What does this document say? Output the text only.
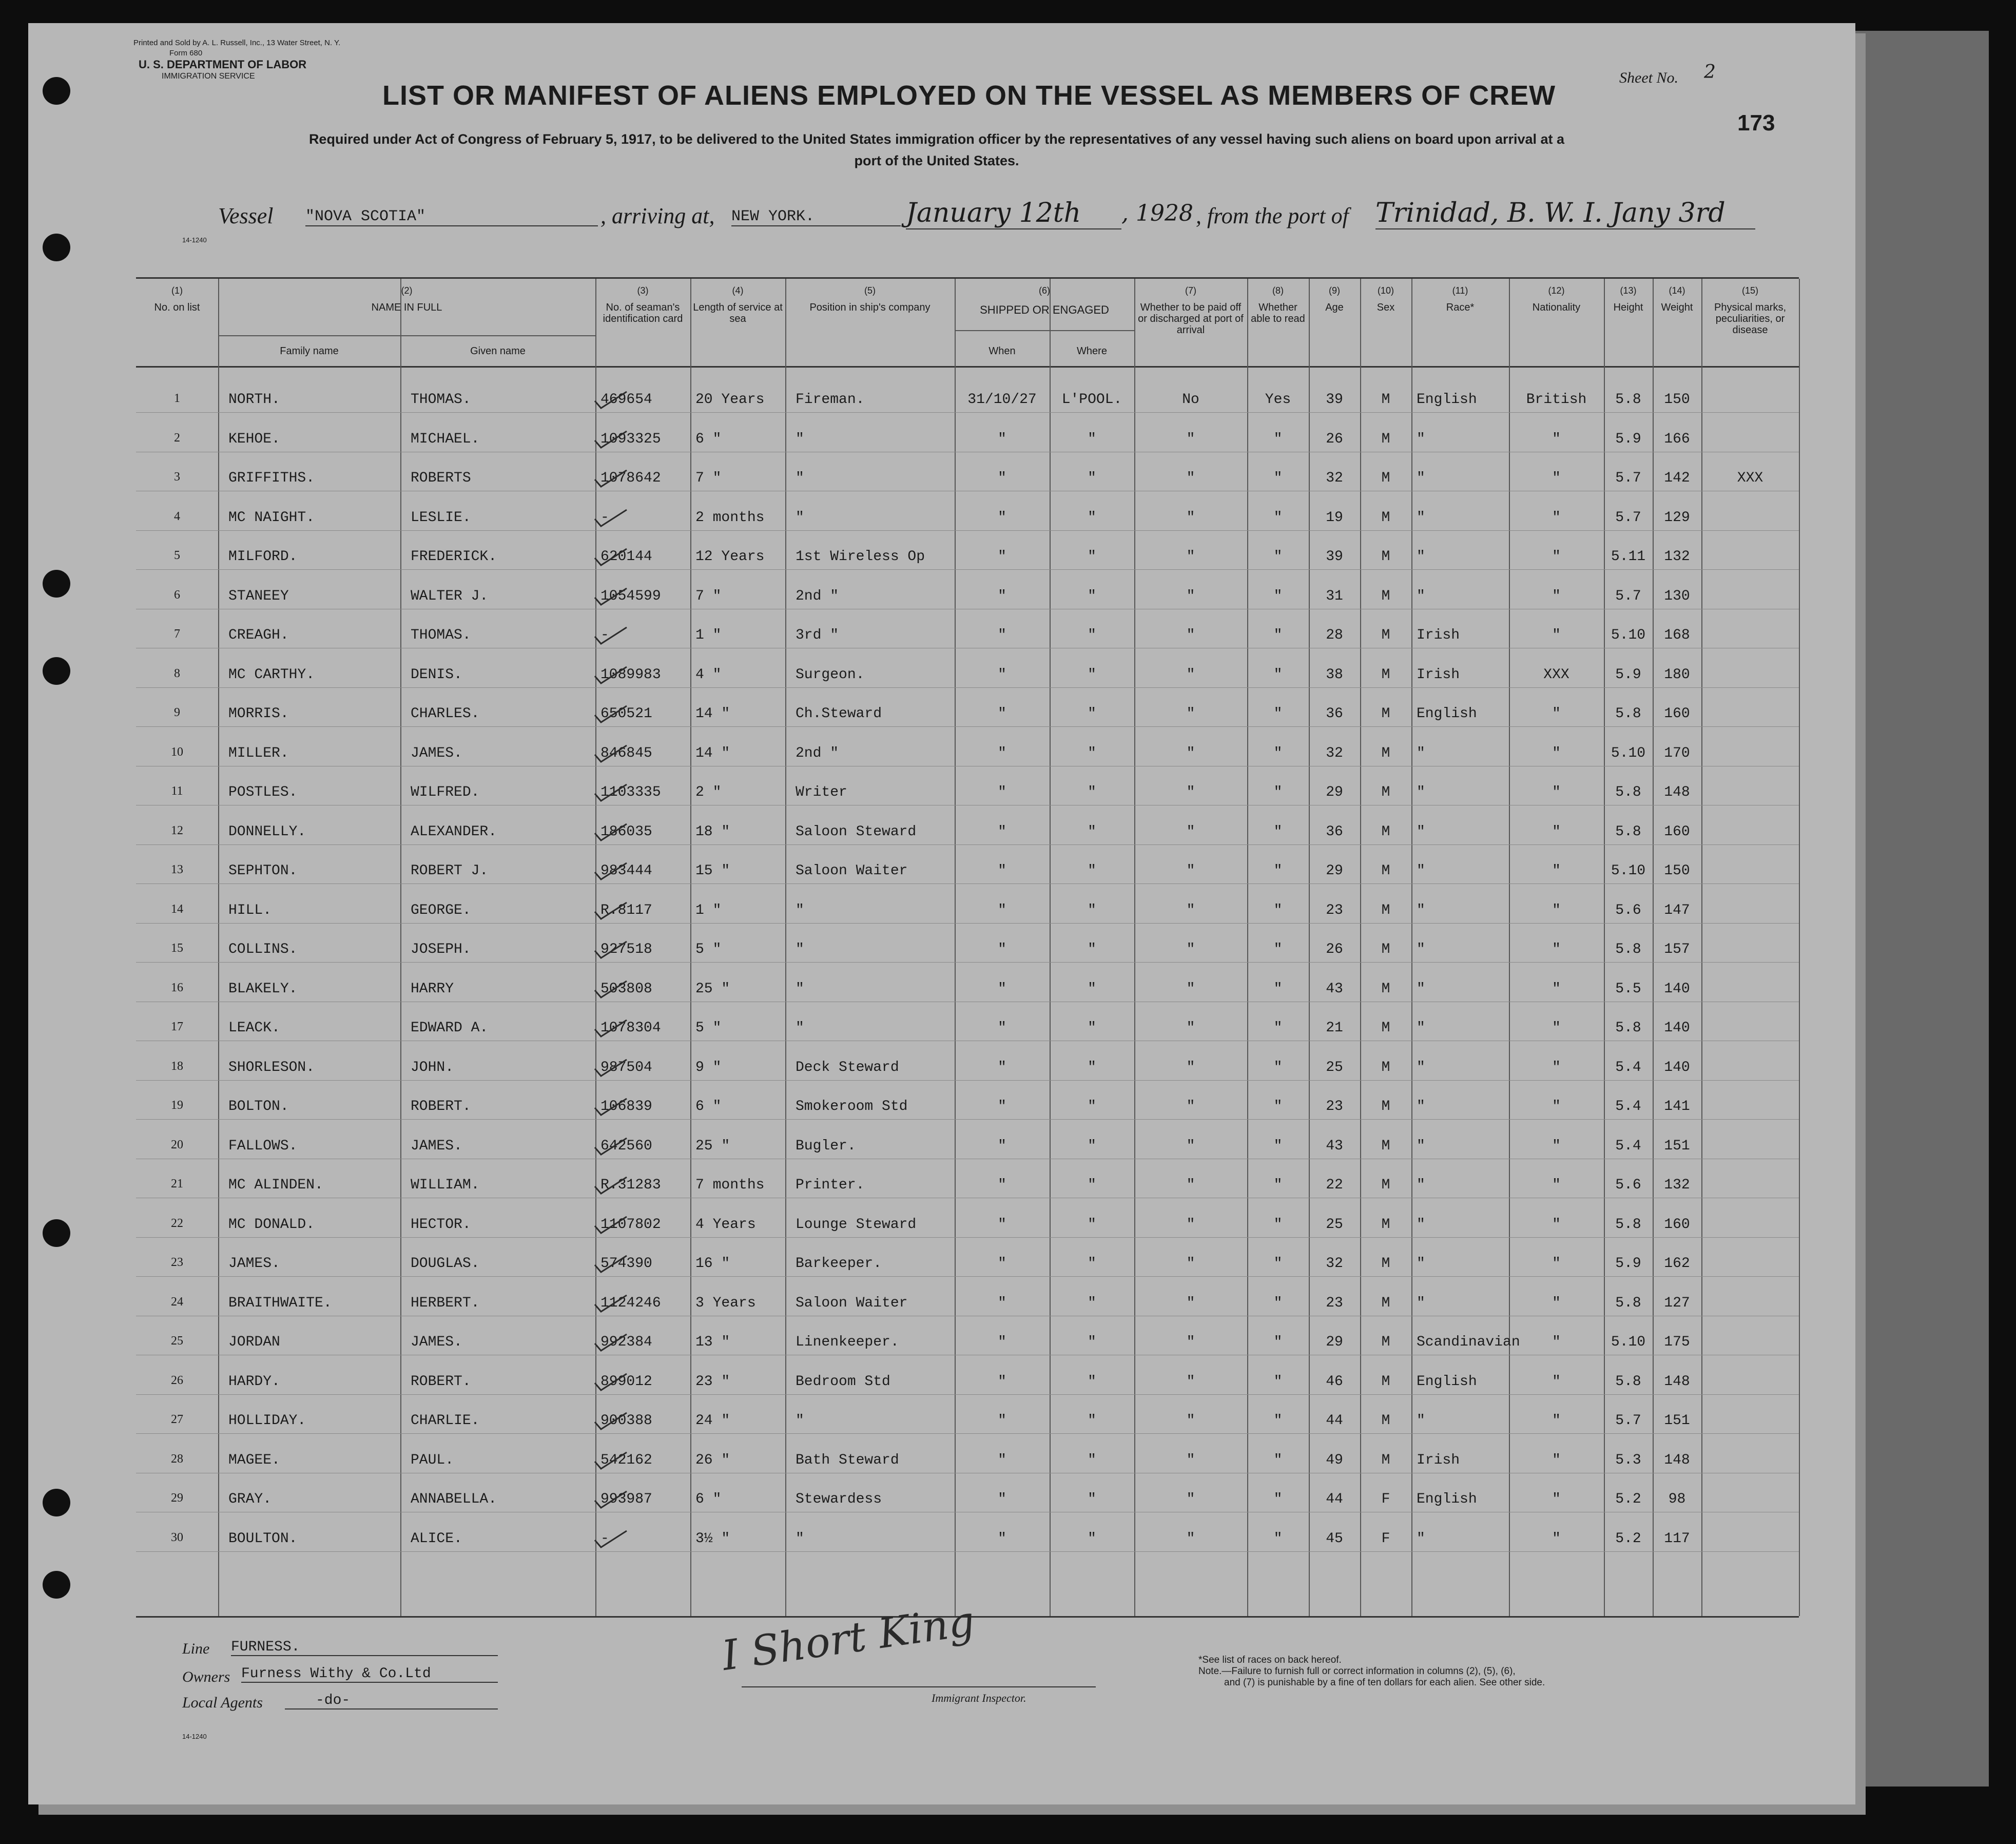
Printed and Sold by A. L. Russell, Inc., 13 Water Street, N. Y.
Form 680
U. S. DEPARTMENT OF LABOR
IMMIGRATION SERVICE
LIST OR MANIFEST OF ALIENS EMPLOYED ON THE VESSEL AS MEMBERS OF CREW
Sheet No. 2
173
Required under Act of Congress of February 5, 1917, to be delivered to the United States immigration officer by the representatives of any vessel having such aliens on board upon arrival at a
port of the United States.
Vessel "NOVA SCOTIA"	, arriving at, NEW YORK.	January 12th	, 1928 , from the port of Trinidad, B. W. I. Jany 3rd
14-1240
(1)
No. on list
(3)
No. of seaman's identification card
(4)
Length of service at sea
(5)
Position in ship's company
(7)
Whether to be paid off or discharged at port of arrival
(8)
Whether able to read
(9)
Age
(10)
Sex
(11)
Race*
(12)
Nationality
(13)
Height
(14)
Weight
(15)
Physical marks, peculiarities, or disease
(2)
NAME IN FULL
Family name	Given name
(6)
SHIPPED OR ENGAGED
When	Where
1	NORTH.	THOMAS.	469654	20 Years	Fireman.	31/10/27	L'POOL.	No	Yes	39	M	English	British	5.8	150
2	KEHOE.	MICHAEL.	1093325	6 "	"	"	"	"	"	26	M	"	"	5.9	166
3	GRIFFITHS.	ROBERTS	1078642	7 "	"	"	"	"	"	32	M	"	"	5.7	142	XXX
4	MC NAIGHT.	LESLIE.	-	2 months	"	"	"	"	"	19	M	"	"	5.7	129
5	MILFORD.	FREDERICK.	620144	12 Years	1st Wireless Op	"	"	"	"	39	M	"	"	5.11	132
6	STANEEY	WALTER J.	1054599	7 "	2nd "	"	"	"	"	31	M	"	"	5.7	130
7	CREAGH.	THOMAS.	-	1 "	3rd "	"	"	"	"	28	M	Irish	"	5.10	168
8	MC CARTHY.	DENIS.	1089983	4 "	Surgeon.	"	"	"	"	38	M	Irish	XXX	5.9	180
9	MORRIS.	CHARLES.	650521	14 "	Ch.Steward	"	"	"	"	36	M	English	"	5.8	160
10	MILLER.	JAMES.	846845	14 "	2nd "	"	"	"	"	32	M	"	"	5.10	170
11	POSTLES.	WILFRED.	1103335	2 "	Writer	"	"	"	"	29	M	"	"	5.8	148
12	DONNELLY.	ALEXANDER.	186035	18 "	Saloon Steward	"	"	"	"	36	M	"	"	5.8	160
13	SEPHTON.	ROBERT J.	983444	15 "	Saloon Waiter	"	"	"	"	29	M	"	"	5.10	150
14	HILL.	GEORGE.	R.8117	1 "	"	"	"	"	"	23	M	"	"	5.6	147
15	COLLINS.	JOSEPH.	927518	5 "	"	"	"	"	"	26	M	"	"	5.8	157
16	BLAKELY.	HARRY	503808	25 "	"	"	"	"	"	43	M	"	"	5.5	140
17	LEACK.	EDWARD A.	1078304	5 "	"	"	"	"	"	21	M	"	"	5.8	140
18	SHORLESON.	JOHN.	987504	9 "	Deck Steward	"	"	"	"	25	M	"	"	5.4	140
19	BOLTON.	ROBERT.	106839	6 "	Smokeroom Std	"	"	"	"	23	M	"	"	5.4	141
20	FALLOWS.	JAMES.	642560	25 "	Bugler.	"	"	"	"	43	M	"	"	5.4	151
21	MC ALINDEN.	WILLIAM.	R.31283	7 months	Printer.	"	"	"	"	22	M	"	"	5.6	132
22	MC DONALD.	HECTOR.	1107802	4 Years	Lounge Steward	"	"	"	"	25	M	"	"	5.8	160
23	JAMES.	DOUGLAS.	574390	16 "	Barkeeper.	"	"	"	"	32	M	"	"	5.9	162
24	BRAITHWAITE.	HERBERT.	1124246	3 Years	Saloon Waiter	"	"	"	"	23	M	"	"	5.8	127
25	JORDAN	JAMES.	992384	13 "	Linenkeeper.	"	"	"	"	29	M	Scandinavian	"	5.10	175
26	HARDY.	ROBERT.	899012	23 "	Bedroom Std	"	"	"	"	46	M	English	"	5.8	148
27	HOLLIDAY.	CHARLIE.	900388	24 "	"	"	"	"	"	44	M	"	"	5.7	151
28	MAGEE.	PAUL.	542162	26 "	Bath Steward	"	"	"	"	49	M	Irish	"	5.3	148
29	GRAY.	ANNABELLA.	993987	6 "	Stewardess	"	"	"	"	44	F	English	"	5.2	98
30	BOULTON.	ALICE.	-	3½ "	"	"	"	"	"	45	F	"	"	5.2	117
Line FURNESS.
Owners Furness Withy & Co.Ltd
Local Agents	-do-
14-1240
I Short King
Immigrant Inspector.
*See list of races on back hereof.
Note.—Failure to furnish full or correct information in columns (2), (5), (6),
and (7) is punishable by a fine of ten dollars for each alien. See other side.
